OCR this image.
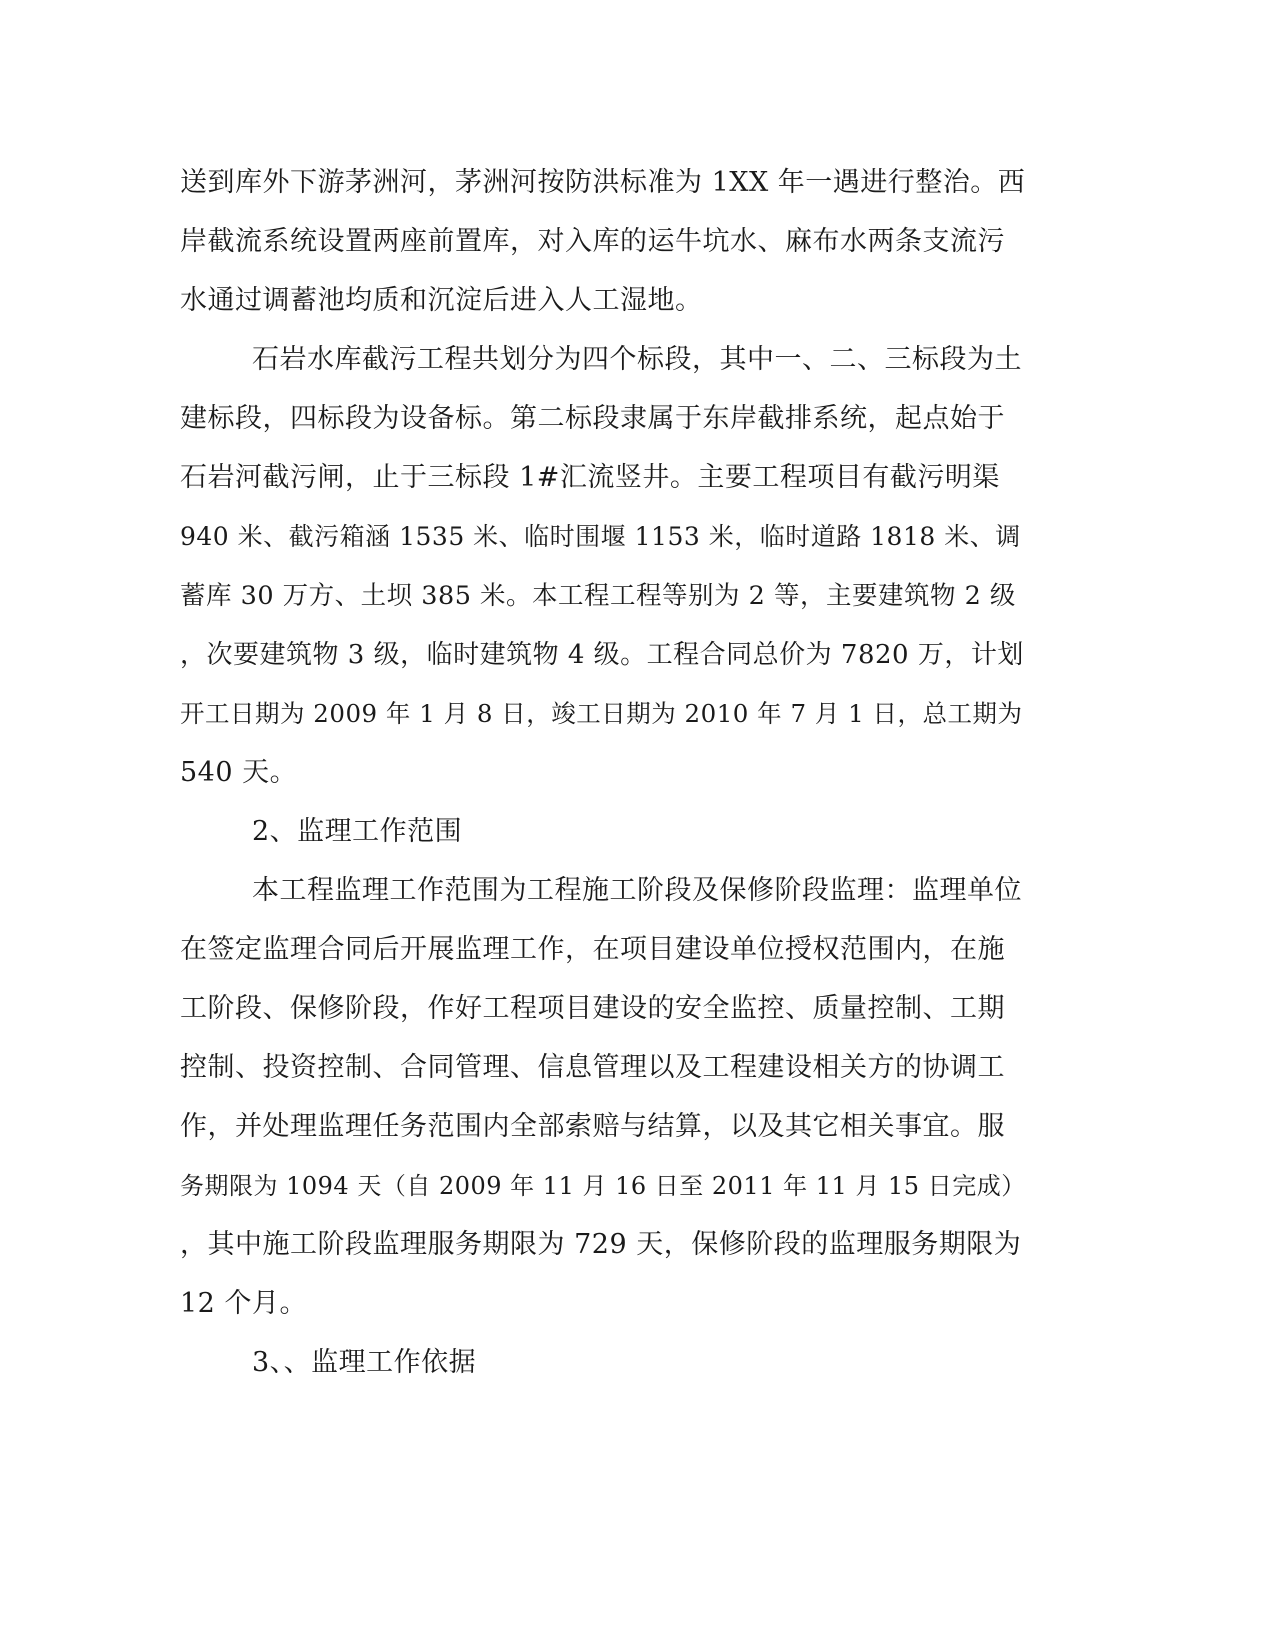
送到库外下游茅洲河，茅洲河按防洪标准为 1XX 年一遇进行整治。西
岸截流系统设置两座前置库，对入库的运牛坑水、麻布水两条支流污
水通过调蓄池均质和沉淀后进入人工湿地。
石岩水库截污工程共划分为四个标段，其中一、二、三标段为土
建标段，四标段为设备标。第二标段隶属于东岸截排系统，起点始于
石岩河截污闸，止于三标段 1#汇流竖井。主要工程项目有截污明渠
940 米、截污箱涵 1535 米、临时围堰 1153 米，临时道路 1818 米、调
蓄库 30 万方、土坝 385 米。本工程工程等别为 2 等，主要建筑物 2 级
，次要建筑物 3 级，临时建筑物 4 级。工程合同总价为 7820 万，计划
开工日期为 2009 年 1 月 8 日，竣工日期为 2010 年 7 月 1 日，总工期为
540 天。
2、监理工作范围
本工程监理工作范围为工程施工阶段及保修阶段监理：监理单位
在签定监理合同后开展监理工作，在项目建设单位授权范围内，在施
工阶段、保修阶段，作好工程项目建设的安全监控、质量控制、工期
控制、投资控制、合同管理、信息管理以及工程建设相关方的协调工
作，并处理监理任务范围内全部索赔与结算，以及其它相关事宜。服
务期限为 1094 天（自 2009 年 11 月 16 日至 2011 年 11 月 15 日完成）
，其中施工阶段监理服务期限为 729 天，保修阶段的监理服务期限为
12 个月。
3、、监理工作依据
